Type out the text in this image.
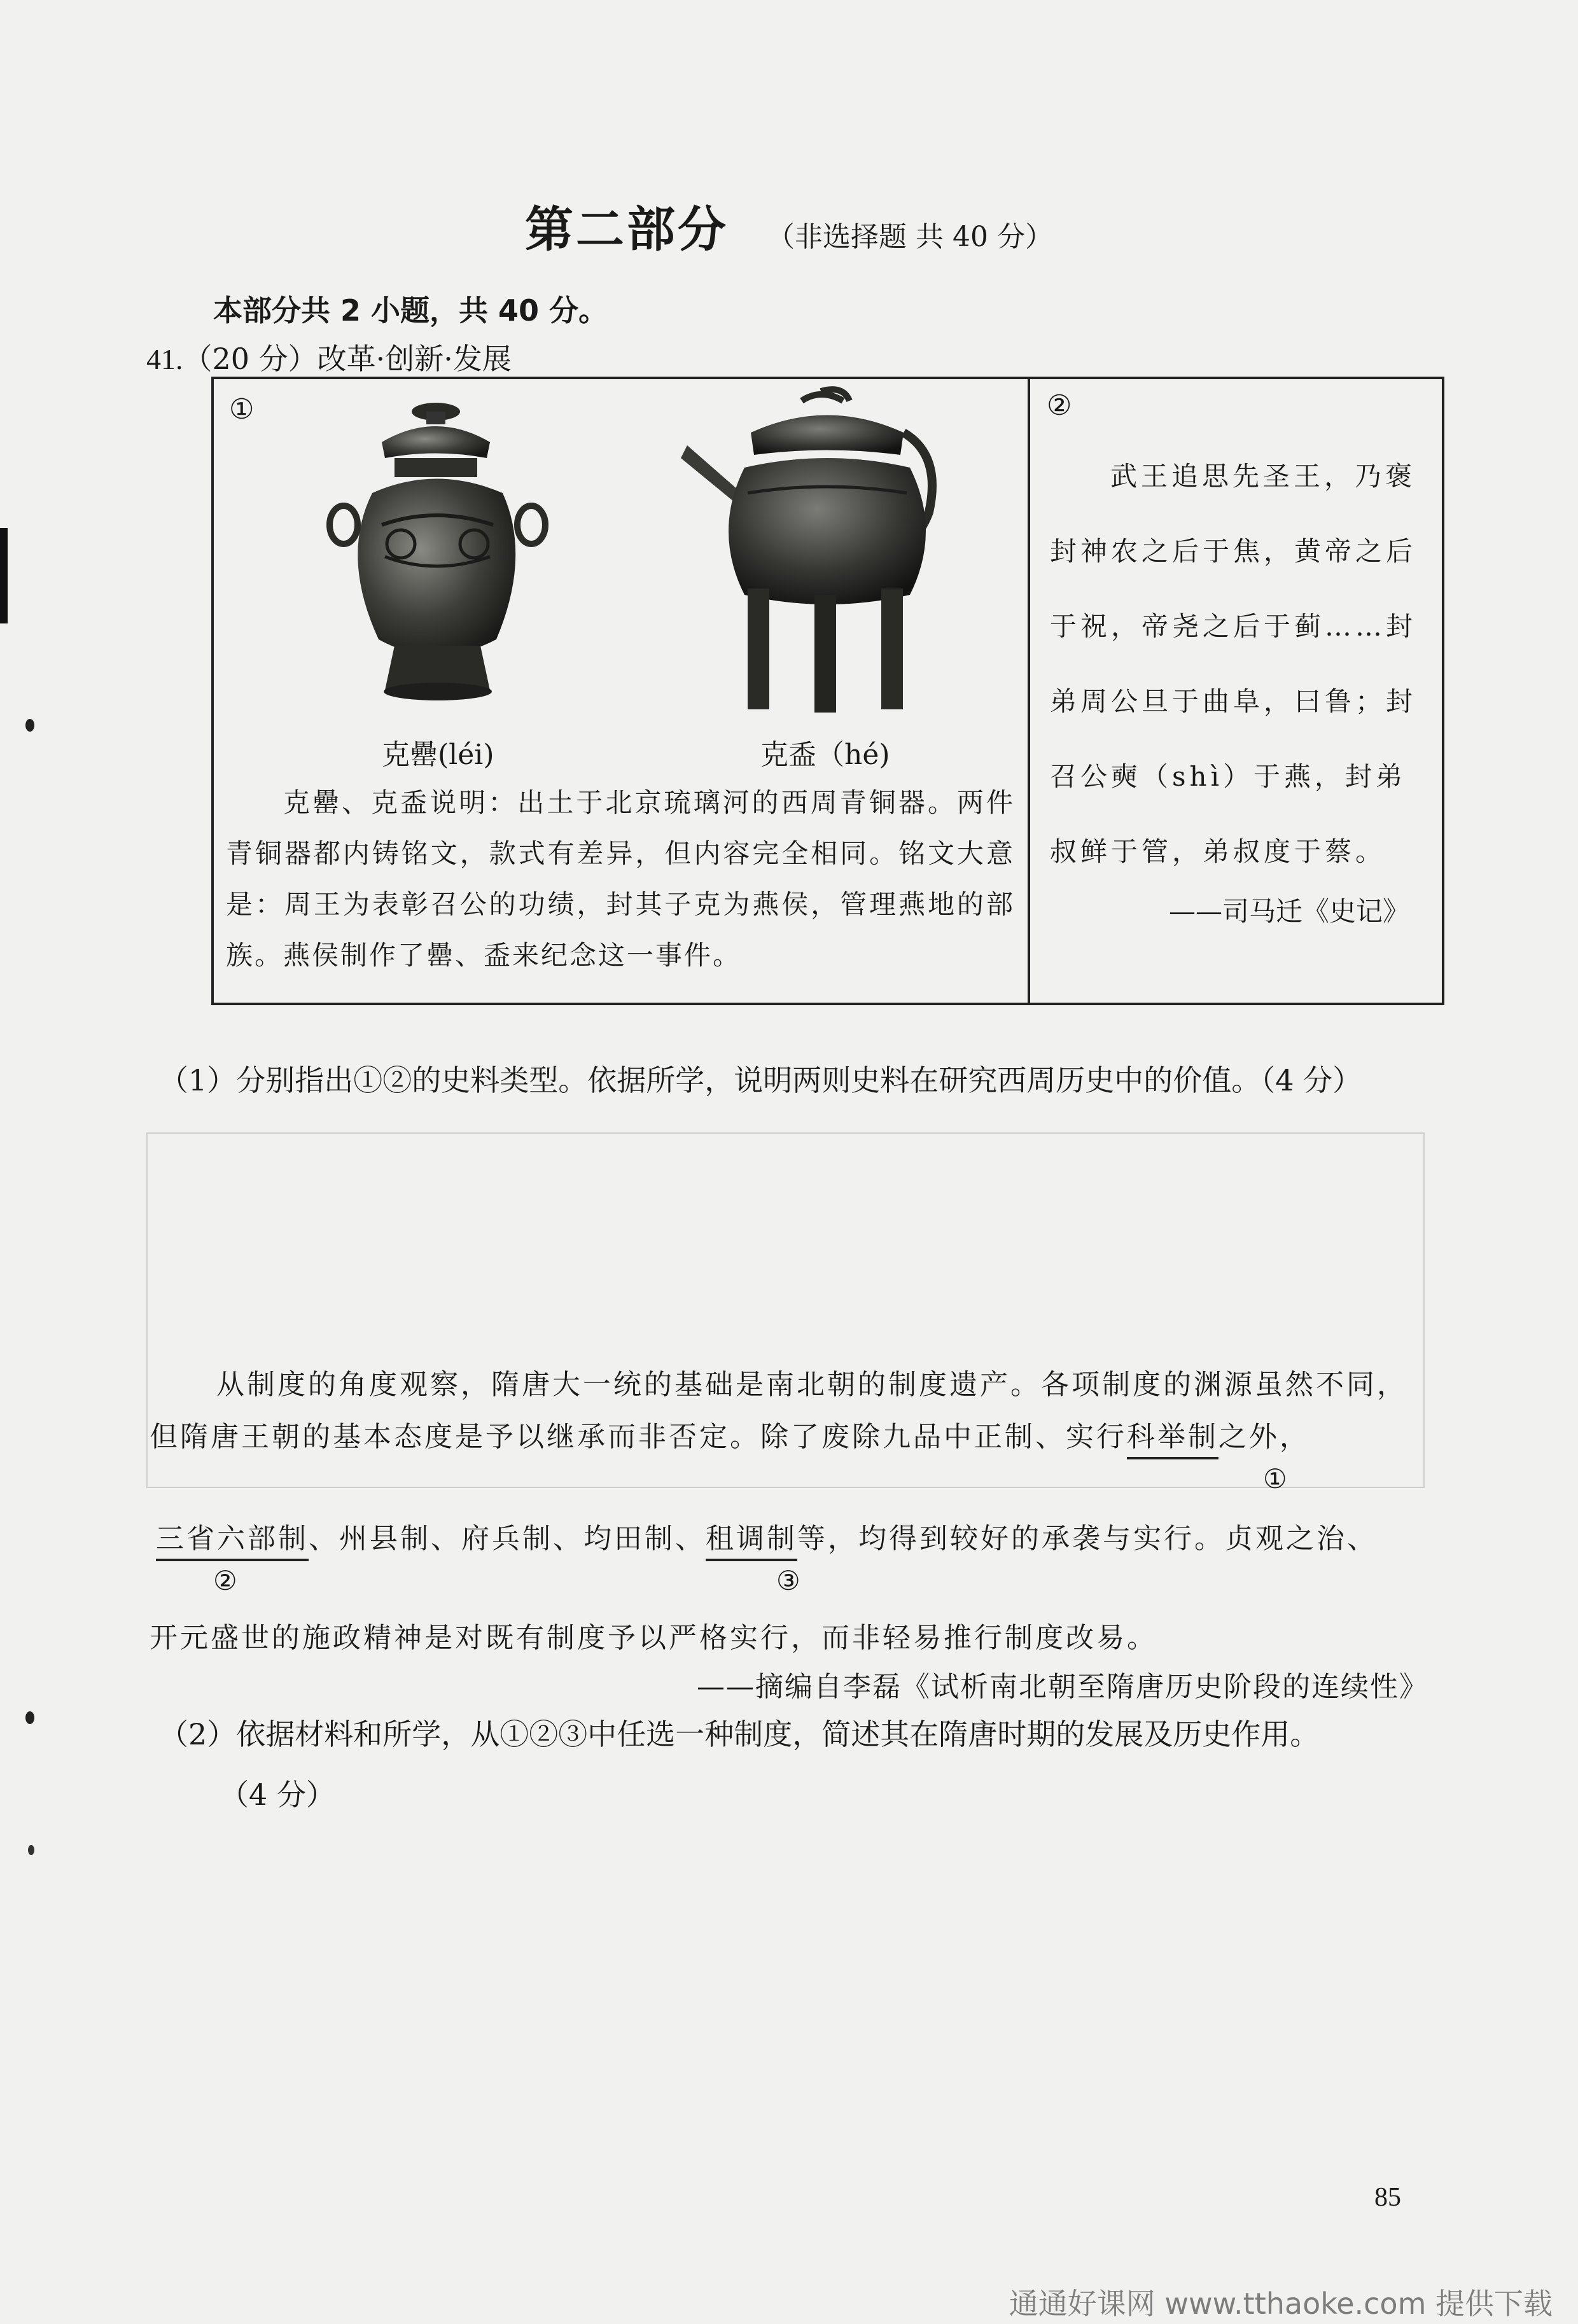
第二部分 （非选择题 共 40 分）
本部分共 2 小题，共 40 分。
41.（20 分）改革·创新·发展
①
克罍(léi)	克盉（hé)
克罍、克盉说明：出土于北京琉璃河的西周青铜器。两件青铜器都内铸铭文，款式有差异，但内容完全相同。铭文大意是：周王为表彰召公的功绩，封其子克为燕侯，管理燕地的部族。燕侯制作了罍、盉来纪念这一事件。
②
武王追思先圣王，乃褒封神农之后于焦，黄帝之后于祝，帝尧之后于蓟……封弟周公旦于曲阜，曰鲁；封召公奭（shì）于燕，封弟叔鲜于管，弟叔度于蔡。
——司马迁《史记》
（1）分别指出①②的史料类型。依据所学，说明两则史料在研究西周历史中的价值。（4 分）
从制度的角度观察，隋唐大一统的基础是南北朝的制度遗产。各项制度的渊源虽然不同，
但隋唐王朝的基本态度是予以继承而非否定。除了废除九品中正制、实行科举制之外，
①
三省六部制、州县制、府兵制、均田制、租调制等，均得到较好的承袭与实行。贞观之治、
②	③
开元盛世的施政精神是对既有制度予以严格实行，而非轻易推行制度改易。
——摘编自李磊《试析南北朝至隋唐历史阶段的连续性》
（2）依据材料和所学，从①②③中任选一种制度，简述其在隋唐时期的发展及历史作用。
（4 分）
85
通通好课网 www.tthaoke.com 提供下载
